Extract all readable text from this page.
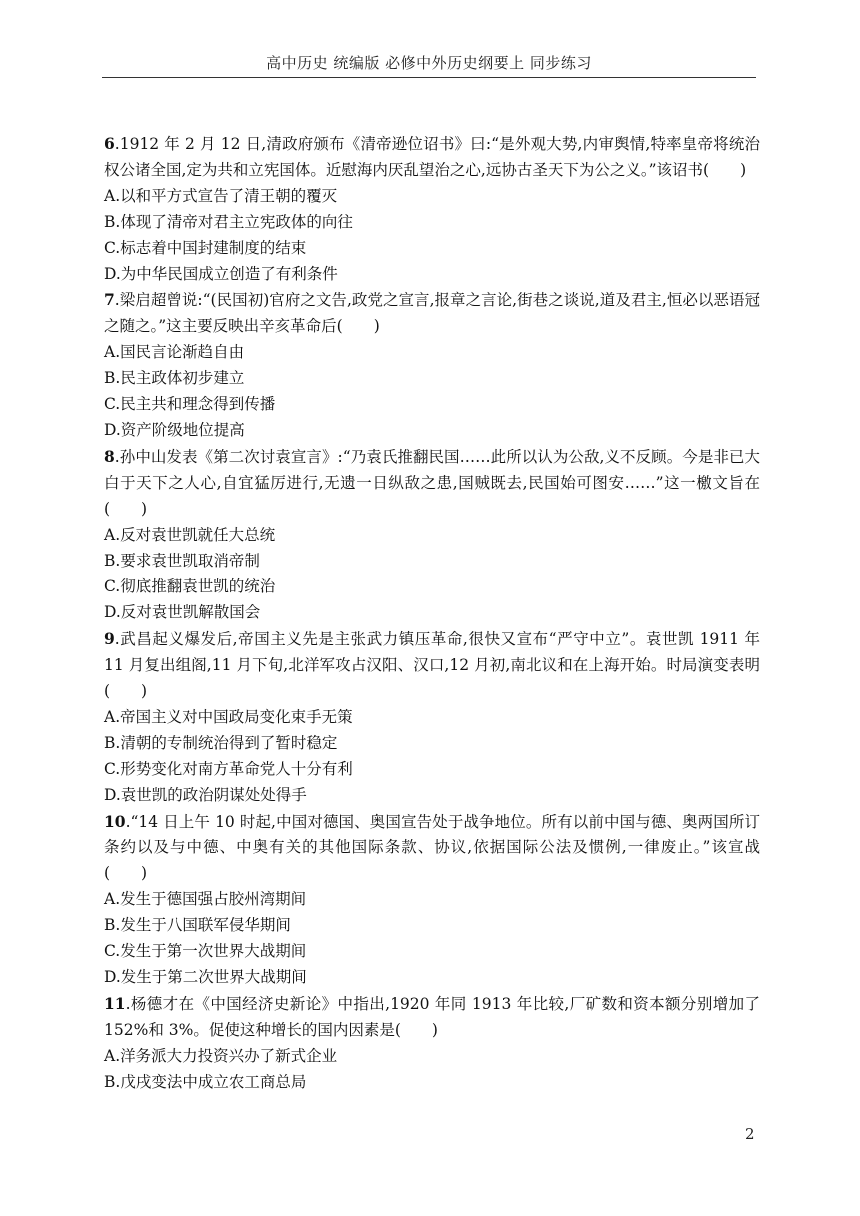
高中历史 统编版 必修中外历史纲要上 同步练习

6.1912 年 2 月 12 日,清政府颁布《清帝逊位诏书》曰:“是外观大势,内审舆情,特率皇帝将统治权公诸全国,定为共和立宪国体。近慰海内厌乱望治之心,远协古圣天下为公之义。”该诏书(　　)

A.以和平方式宣告了清王朝的覆灭

B.体现了清帝对君主立宪政体的向往

C.标志着中国封建制度的结束

D.为中华民国成立创造了有利条件

7.梁启超曾说:“(民国初)官府之文告,政党之宣言,报章之言论,街巷之谈说,道及君主,恒必以恶语冠之随之。”这主要反映出辛亥革命后(　　)

A.国民言论渐趋自由

B.民主政体初步建立

C.民主共和理念得到传播

D.资产阶级地位提高

8.孙中山发表《第二次讨袁宣言》:“乃袁氏推翻民国……此所以认为公敌,义不反顾。今是非已大白于天下之人心,自宜猛厉进行,无遗一日纵敌之患,国贼既去,民国始可图安……”这一檄文旨在(　　)

A.反对袁世凯就任大总统

B.要求袁世凯取消帝制

C.彻底推翻袁世凯的统治

D.反对袁世凯解散国会

9.武昌起义爆发后,帝国主义先是主张武力镇压革命,很快又宣布“严守中立”。袁世凯 1911 年 11 月复出组阁,11 月下旬,北洋军攻占汉阳、汉口,12 月初,南北议和在上海开始。时局演变表明(　　)

A.帝国主义对中国政局变化束手无策

B.清朝的专制统治得到了暂时稳定

C.形势变化对南方革命党人十分有利

D.袁世凯的政治阴谋处处得手

10.“14 日上午 10 时起,中国对德国、奥国宣告处于战争地位。所有以前中国与德、奥两国所订条约以及与中德、中奥有关的其他国际条款、协议,依据国际公法及惯例,一律废止。”该宣战(　　)

A.发生于德国强占胶州湾期间

B.发生于八国联军侵华期间

C.发生于第一次世界大战期间

D.发生于第二次世界大战期间

11.杨德才在《中国经济史新论》中指出,1920 年同 1913 年比较,厂矿数和资本额分别增加了 152%和 3%。促使这种增长的国内因素是(　　)

A.洋务派大力投资兴办了新式企业

B.戊戌变法中成立农工商总局

2
